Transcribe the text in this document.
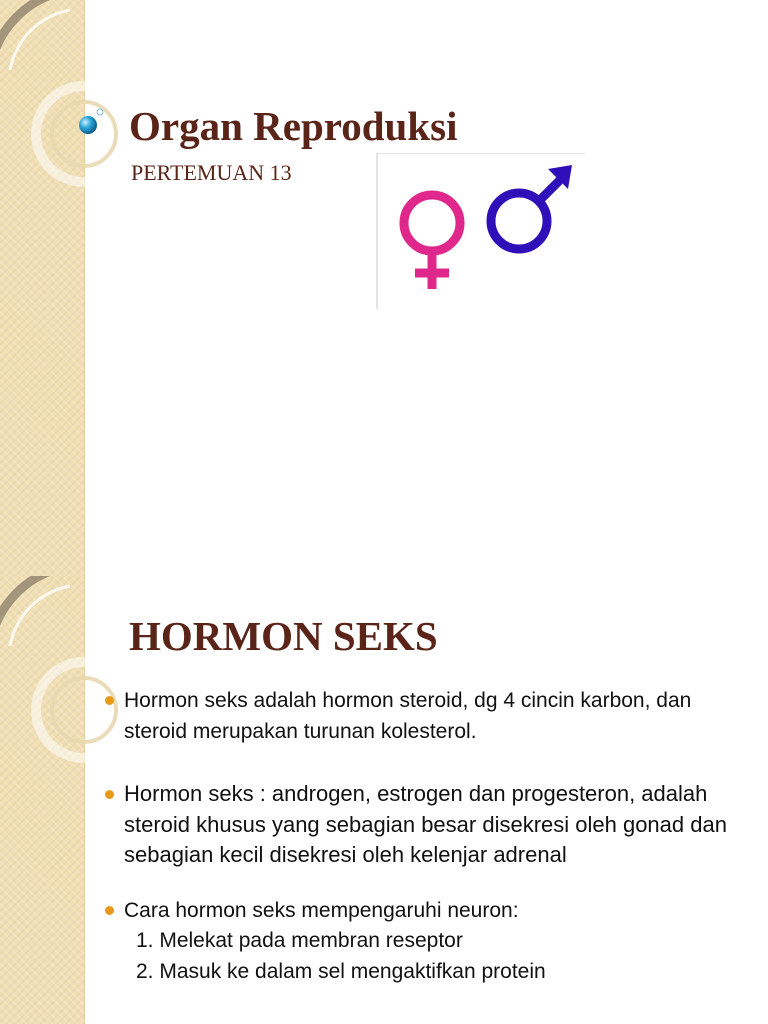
Organ Reproduksi
PERTEMUAN 13
HORMON SEKS
Hormon seks adalah hormon steroid, dg 4 cincin karbon, dan steroid merupakan turunan kolesterol.
Hormon seks : androgen, estrogen dan progesteron, adalah steroid khusus yang sebagian besar disekresi oleh gonad dan sebagian kecil disekresi oleh kelenjar adrenal
Cara hormon seks mempengaruhi neuron:
1. Melekat pada membran reseptor
2. Masuk ke dalam sel mengaktifkan protein
